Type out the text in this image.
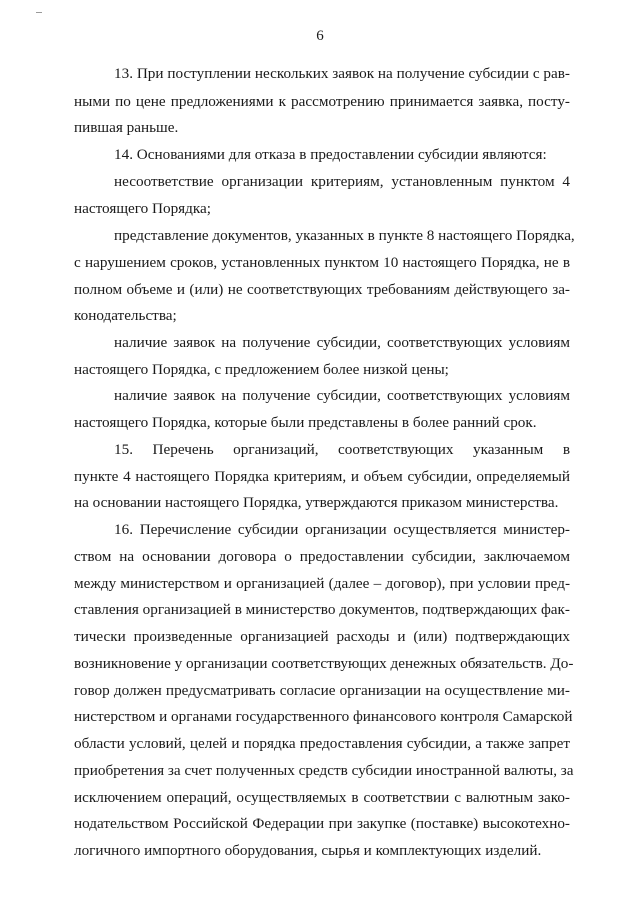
6
13. При поступлении нескольких заявок на получение субсидии с рав-
ными по цене предложениями к рассмотрению принимается заявка, посту-
пившая раньше.
14. Основаниями для отказа в предоставлении субсидии являются:
несоответствие организации критериям, установленным пунктом 4
настоящего Порядка;
представление документов, указанных в пункте 8 настоящего Порядка,
с нарушением сроков, установленных пунктом 10 настоящего Порядка, не в
полном объеме и (или) не соответствующих требованиям действующего за-
конодательства;
наличие заявок на получение субсидии, соответствующих условиям
настоящего Порядка, с предложением более низкой цены;
наличие заявок на получение субсидии, соответствующих условиям
настоящего Порядка, которые были представлены в более ранний срок.
15. Перечень организаций, соответствующих указанным в
пункте 4 настоящего Порядка критериям, и объем субсидии, определяемый
на основании настоящего Порядка, утверждаются приказом министерства.
16. Перечисление субсидии организации осуществляется министер-
ством на основании договора о предоставлении субсидии, заключаемом
между министерством и организацией (далее – договор), при условии пред-
ставления организацией в министерство документов, подтверждающих фак-
тически произведенные организацией расходы и (или) подтверждающих
возникновение у организации соответствующих денежных обязательств. До-
говор должен предусматривать согласие организации на осуществление ми-
нистерством и органами государственного финансового контроля Самарской
области условий, целей и порядка предоставления субсидии, а также запрет
приобретения за счет полученных средств субсидии иностранной валюты, за
исключением операций, осуществляемых в соответствии с валютным зако-
нодательством Российской Федерации при закупке (поставке) высокотехно-
логичного импортного оборудования, сырья и комплектующих изделий.
